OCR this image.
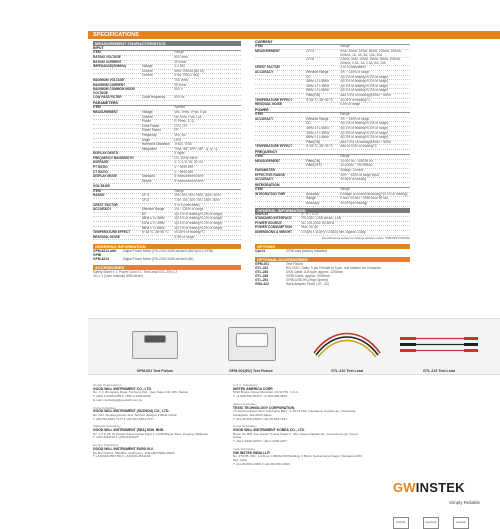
SPECIFICATIONS
MEASUREMENT CHARACTERISTICS
INPUT
ITEM	Range
RATING VOLTAGE	600 Vrms
RATING CURRENT	20 Arms
IMPEDANCE(50/60Hz)	Voltage	2.4 MΩ
Current	5mA~200mA (5Ω ±δ)
Current	0.5A~20A (1 mΩ)
MAXIMUM VOLTAGE	700 Vrms
MAXIMUM CURRENT	25 Arms
MAXIMUM COMMON MODE VOLTAGE
600 V
LOW PASS FILTER	Cutoff frequency	500 Hz
PARAMETERS
ITEM	Symbol
MEASUREMENT	Voltage	Vdc, Vrms, V+pk, V-pk
Current	Idc, Irms, I+pk, I-pk
Power	P, Pmax, S, Q
Crest Factor	CFV, CFI
Power Factor	PF
Frequency	Vhz, Ihz
Angle	DEG
Harmonic Distortion	THDV, THDI
Integration	Time, WP, WP+, WP-, q, q+, q-
DISPLAY DIGITS	5 digits
FREQUENCY BANDWIDTH	DC, 10Hz~6kHz
AVERAGE	1, 2, 4, 8, 16, 32, 64
PT RATIO	1 ~ 9999.999
CT RATIO	1 ~ 9999.999
DISPLAY MODE	Standard	8 measurement item
Simple	4 measurement item
VOLTAGE
ITEM	Range
RANGE	CF-3	15V, 30V, 60V, 150V, 300V, 600V
CF-6	7.5V, 15V, 30V, 75V, 150V, 300V
CREST FACTOR	3 or 6 (selectable)
ACCURACY	Effective Range	1% ~ 130% of range
DC	±(0.1% of reading+0.2% of range)
45Hz ≤ f ≤ 66Hz	±(0.1% of reading+0.1% of range)
10Hz ≤ f < 45Hz	±(0.1% of reading+0.2% of range)
66Hz < f ≤ 6kHz	±(0.1% of reading+0.2% of range)
TEMPERATURE EFFECT	5~18 °C, 28~40 °C	±0.03% of reading/°C
RESIDUAL NOISE	0.5% of range
ORDERING INFORMATION
GPM-8213 with GPIB
Digital Power Meter (RS-232C/USB device/LAN/Opt.01 GPIB)
GPM-8213	Digital Power Meter (RS-232C/USB device/LAN)
ACCESSORIES
Safety Sheet x 1, Power Cord x 1, Test Lead GTL-209 x 2
CD x 1 (User manual) USB driver)
CURRENT
ITEM	Range
MEASUREMENT	CF=3	5mA, 10mA, 20mA, 50mA, 100mA, 200mA, 500mA, 1A, 2A, 5A, 10A, 20A
CF=6	2.5mA, 5mA, 10mA, 25mA, 50mA, 100mA, 250mA, 0.5A, 1A, 2.5A, 5A, 10A
CREST FACTOR	3 or 6 (selectable)
ACCURACY	Effective Range	1% ~ 130% of range
DC	±(0.1% of reading+0.2% of range)
45Hz ≤ f ≤ 66Hz	±(0.1% of reading+0.1% of range)
10Hz ≤ f < 45Hz	±(0.1% of reading+0.2% of range)
66Hz < f ≤ 6kHz	±(0.1% of reading+0.2% of range)
Filter(ON)	Add 0.3% of reading@45Hz ~ 66Hz
TEMPERATURE EFFECT	5~18 °C, 28~40 °C	±0.03% of reading/°C
RESIDUAL NOISE	0.5% of range
POWER
ITEM	Range
ACCURACY	Effective Range	1% ~ 150% of range
DC	±(0.1% of reading+0.2% of range)
45Hz ≤ f ≤ 66Hz	±(0.1% of reading+0.1% of range)
10Hz ≤ f < 45Hz	±(0.3% of reading+0.2% of range)
66Hz < f ≤ 6kHz	±(0.3% of reading+0.2% of range)
Filter(ON)	Add 0.3% of reading@45Hz ~ 66Hz
TEMPERATURE EFFECT	5~18 °C, 28~40 °C	Add ±0.03% of reading/°C
FREQUENCY
ITEM	Range
MEASUREMENT	Filter(ON)	10.000 Hz ~ 499.99 Hz
Filter(OFF)	10.000Hz ~ 99.999kHz
PARAMETER	Voltage, Current
EFFECTIVE RANGE	10% ~ 130% of range input
ACCURACY	±0.06% of reading
INTEGRATION
ITEM	Range
INTEGRATION TIME	Accuracy	(Voltage or current accuracy)+(0.1% of reading)
Range	0 hour 00 min ~ 9999 hour 59 min
Accuracy	±0.02%(of reading)
GENERAL INFORMATION
DISPLAY	4" TFT LCD
STANDARD INTERFACE	RS-232C, USB device, LAN
POWER SOURCE	AC 100-240V, 50-60Hz
POWER CONSUMPTION	Max. 30 VA
DIMENSIONS & WEIGHT	270(W) x 110(H) x 245(D) mm; Approx. 2.8kg
Specifications subject to change without notice. PSB-823 6CDH6A
OPTIONS
Opt.01	GPIB card (factory installed)
OPTIONAL ACCESSORIES
GPM-001	Test Fixture
GTL-232	RS-232C Cable, 9-pin Female to 9-pin, null Modem for Computer
GTL-246	USB Cable, A-B type, approx. 1200mm
GTL-248	GPIB Cable, approx. 2000mm
GTL-251	GPIB-USB-HS-(High Speed)
GRA-422	Rack Adapter Panel (19", 2U)
GPM-001 Test Fixture	GPM-001(EU) Test Fixture	GTL-210 Test Lead	GTL-219 Test Lead
Global Headquarters
GOOD WILL INSTRUMENT CO., LTD.
No. 7-1, Jhongsing Road, Tucheng Dist., New Taipei City 236, Taiwan
T +886-2-2268-0389 F +886-2-2268-0639
E-mail: marketing@goodwill.com.tw
China Subsidiary
GOOD WILL INSTRUMENT (SUZHOU) CO., LTD.
No. 521, Zhujiang Road, Snd, Suzhou Jiangsu 215011 China
T +86-512-6661-7177 F +86-512-6661-7277
Malaysia Subsidiary
GOOD WILL INSTRUMENT (SEA) SDN. BHD.
No. 1-3 & 25, Persiaran Kelisa Kelisa Pejal 1, 11900 Bayan Baru, Penang, Malaysia
T +604-6111122 F +604-6115225
Europe Subsidiary
GOOD WILL INSTRUMENT EURO B.V.
De Run 5427A, 5504DG, Veldhoven, THE NETHERLANDS
T +31(0)40-2557790 F +31(0)40-2541194
U.S.A. Subsidiary
INSTEK AMERICA CORP.
5198 Brooks Street Montclair, CA 91763, U.S.A.
T +1-909-399-3535 F +1-909-399-0819
Japan Subsidiary
TEXIO TECHNOLOGY CORPORATION.
7F Towa Fudosan Shin Yokohama Bldg., 2-18-13 Shin Yokohama, Kohoku-ku, Yokohama, Kanagawa, 222-0033 Japan
T +81-45-620-2305 F +81-45-534-7181
Korea Subsidiary
GOOD WILL INSTRUMENT KOREA CO., LTD.
Room No.805, Ace Gasan Hi-End Tower 2, 184, Gasan Digital2-Ro, Geumcheon-gu, Seoul, Korea
T +82-2-3439-2205 F +82-2-3439-2207
India Subsidiary
GW INSTEK INDIA LLP.
No. 2707/B, 50C, 1st Floor, LIMRAA PR Building, 6 Block, Subramanya Nagar, Bengaluru-560 021, India
T +91-80-6811-0600 F +91-80-6811-0626
GWINSTEK
Simply Reliable
Website	Facebook	LinkedIn
